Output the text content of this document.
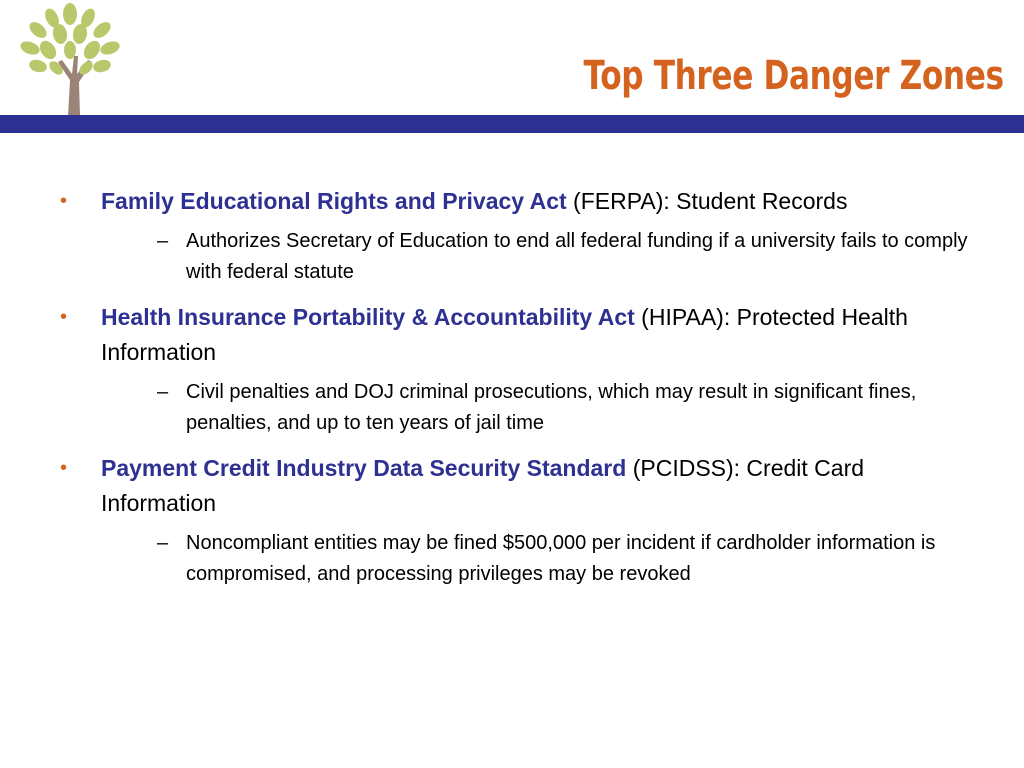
Top Three Danger Zones
• Family Educational Rights and Privacy Act (FERPA): Student Records
– Authorizes Secretary of Education to end all federal funding if a university fails to comply with federal statute
• Health Insurance Portability & Accountability Act (HIPAA): Protected Health Information
– Civil penalties and DOJ criminal prosecutions, which may result in significant fines, penalties, and up to ten years of jail time
• Payment Credit Industry Data Security Standard (PCIDSS): Credit Card Information
– Noncompliant entities may be fined $500,000 per incident if cardholder information is compromised, and processing privileges may be revoked
